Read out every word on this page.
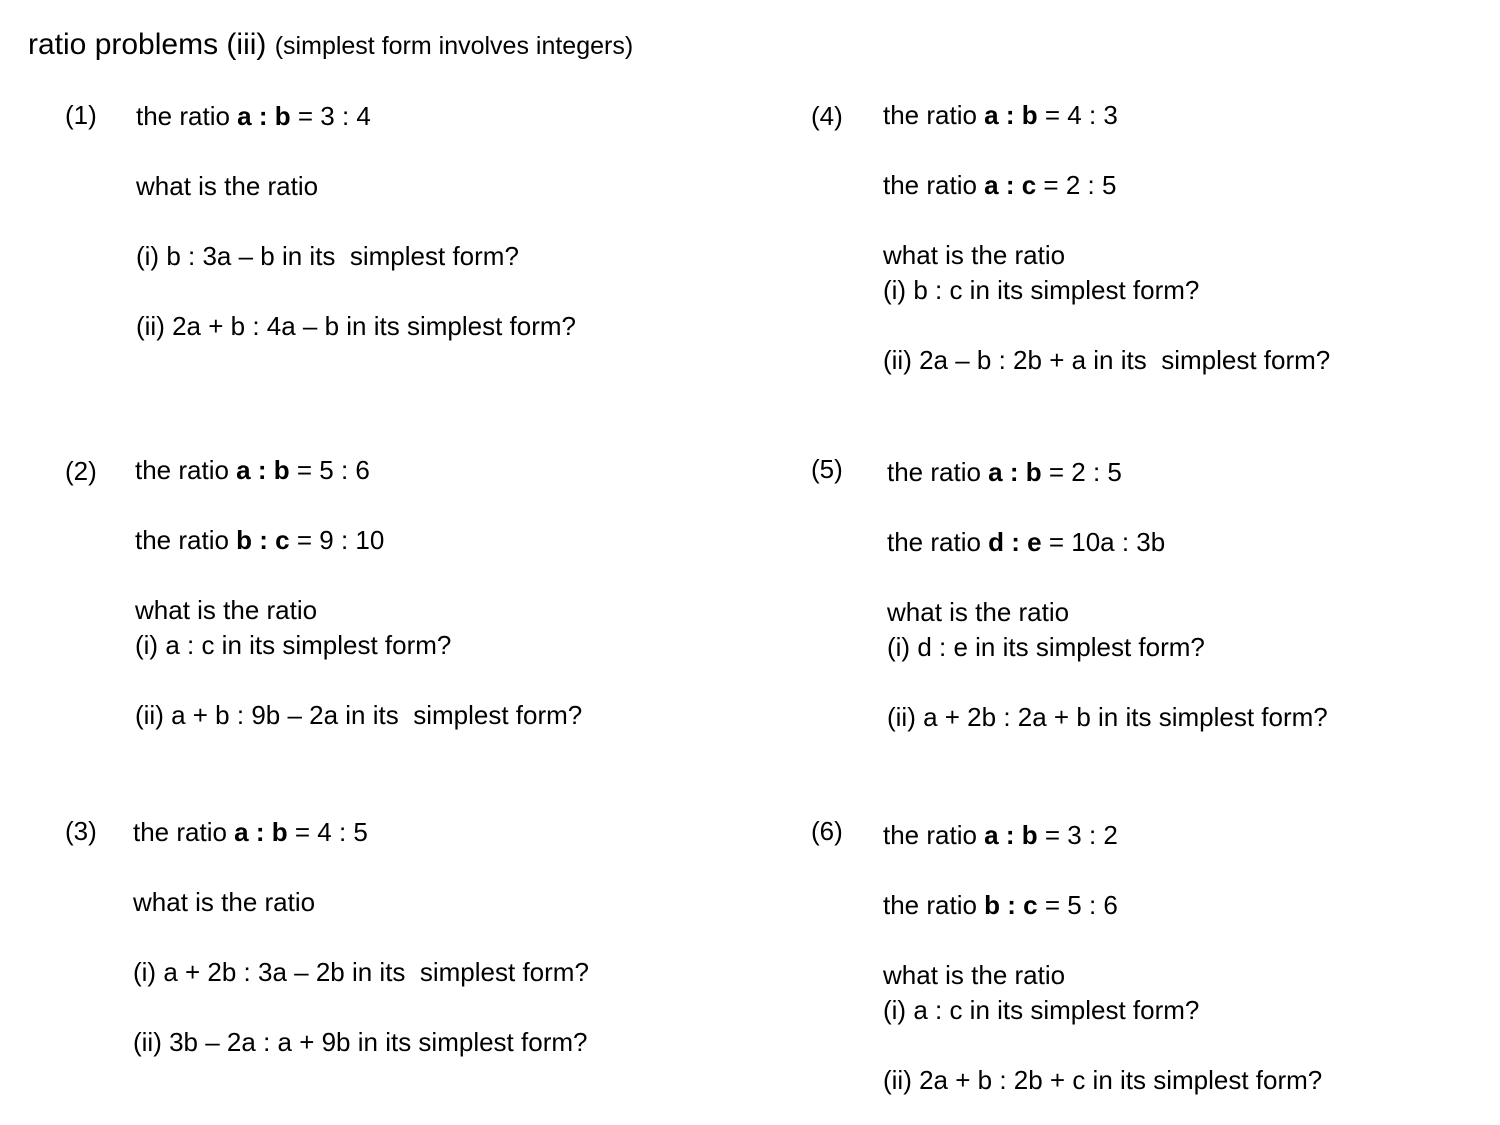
ratio problems (iii) (simplest form involves integers)
(1) the ratio a : b = 3 : 4
what is the ratio
(i) b : 3a – b in its  simplest form?
(ii) 2a + b : 4a – b in its simplest form?
(4) the ratio a : b = 4 : 3
the ratio a : c = 2 : 5
what is the ratio
(i) b : c in its simplest form?
(ii) 2a – b : 2b + a in its  simplest form?
(2) the ratio a : b = 5 : 6
the ratio b : c = 9 : 10
what is the ratio
(i) a : c in its simplest form?
(ii) a + b : 9b – 2a in its  simplest form?
(5) the ratio a : b = 2 : 5
the ratio d : e = 10a : 3b
what is the ratio
(i) d : e in its simplest form?
(ii) a + 2b : 2a + b in its simplest form?
(3) the ratio a : b = 4 : 5
what is the ratio
(i) a + 2b : 3a – 2b in its  simplest form?
(ii) 3b – 2a : a + 9b in its simplest form?
(6) the ratio a : b = 3 : 2
the ratio b : c = 5 : 6
what is the ratio
(i) a : c in its simplest form?
(ii) 2a + b : 2b + c in its simplest form?
